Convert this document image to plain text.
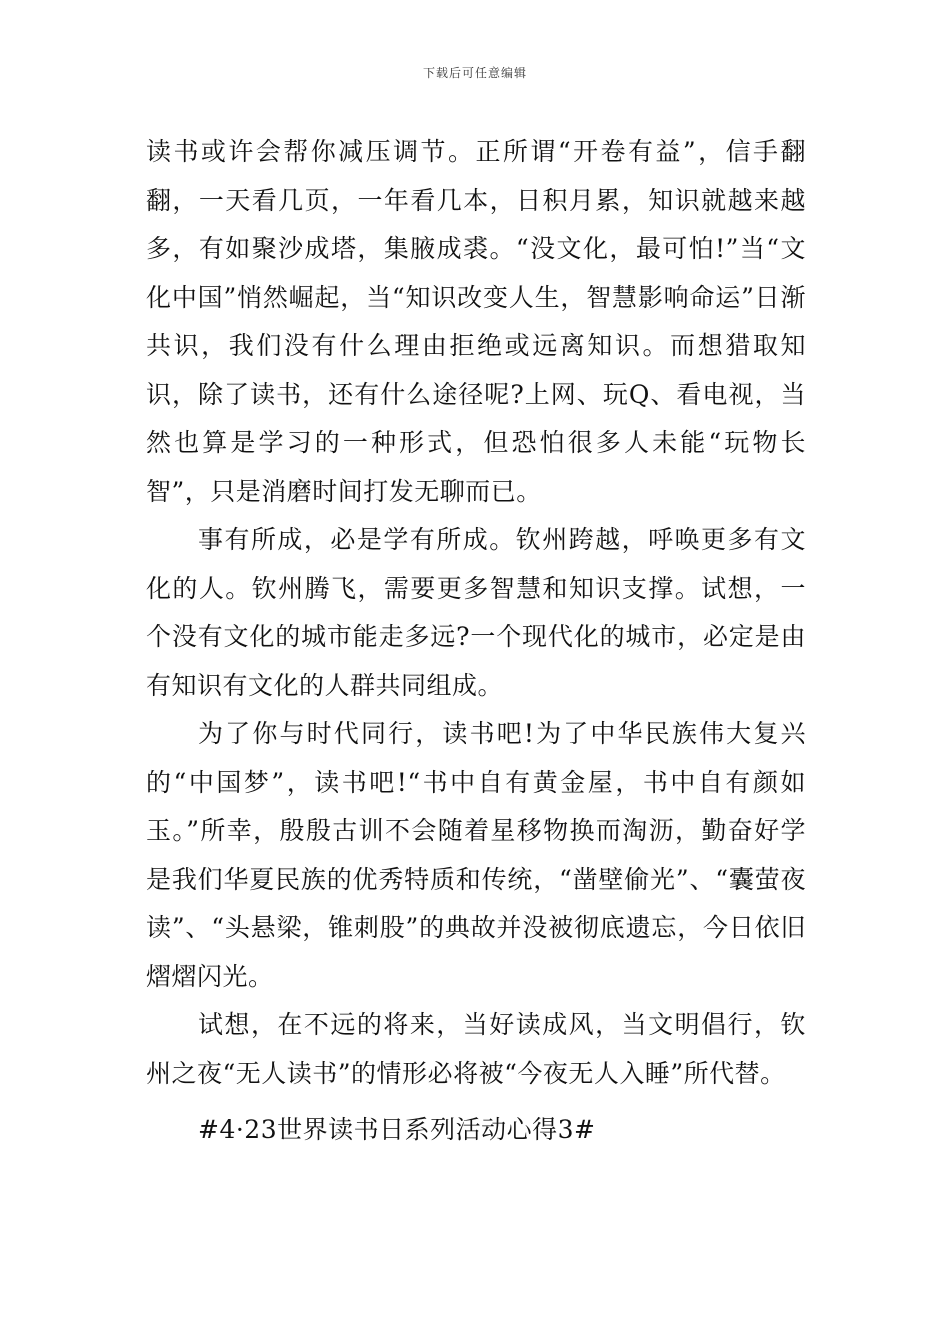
下载后可任意编辑

读书或许会帮你减压调节。正所谓“开卷有益”，信手翻翻，一天看几页，一年看几本，日积月累，知识就越来越多，有如聚沙成塔，集腋成裘。“没文化，最可怕!”当“文化中国”悄然崛起，当“知识改变人生，智慧影响命运”日渐共识，我们没有什么理由拒绝或远离知识。而想猎取知识，除了读书，还有什么途径呢?上网、玩Q、看电视，当然也算是学习的一种形式，但恐怕很多人未能“玩物长智”，只是消磨时间打发无聊而已。

事有所成，必是学有所成。钦州跨越，呼唤更多有文化的人。钦州腾飞，需要更多智慧和知识支撑。试想，一个没有文化的城市能走多远?一个现代化的城市，必定是由有知识有文化的人群共同组成。

为了你与时代同行，读书吧!为了中华民族伟大复兴的“中国梦”，读书吧!“书中自有黄金屋，书中自有颜如玉。”所幸，殷殷古训不会随着星移物换而淘沥，勤奋好学是我们华夏民族的优秀特质和传统，“凿壁偷光”、“囊萤夜读”、“头悬梁，锥刺股”的典故并没被彻底遗忘，今日依旧熠熠闪光。

试想，在不远的将来，当好读成风，当文明倡行，钦州之夜“无人读书”的情形必将被“今夜无人入睡”所代替。

#4·23世界读书日系列活动心得3#
